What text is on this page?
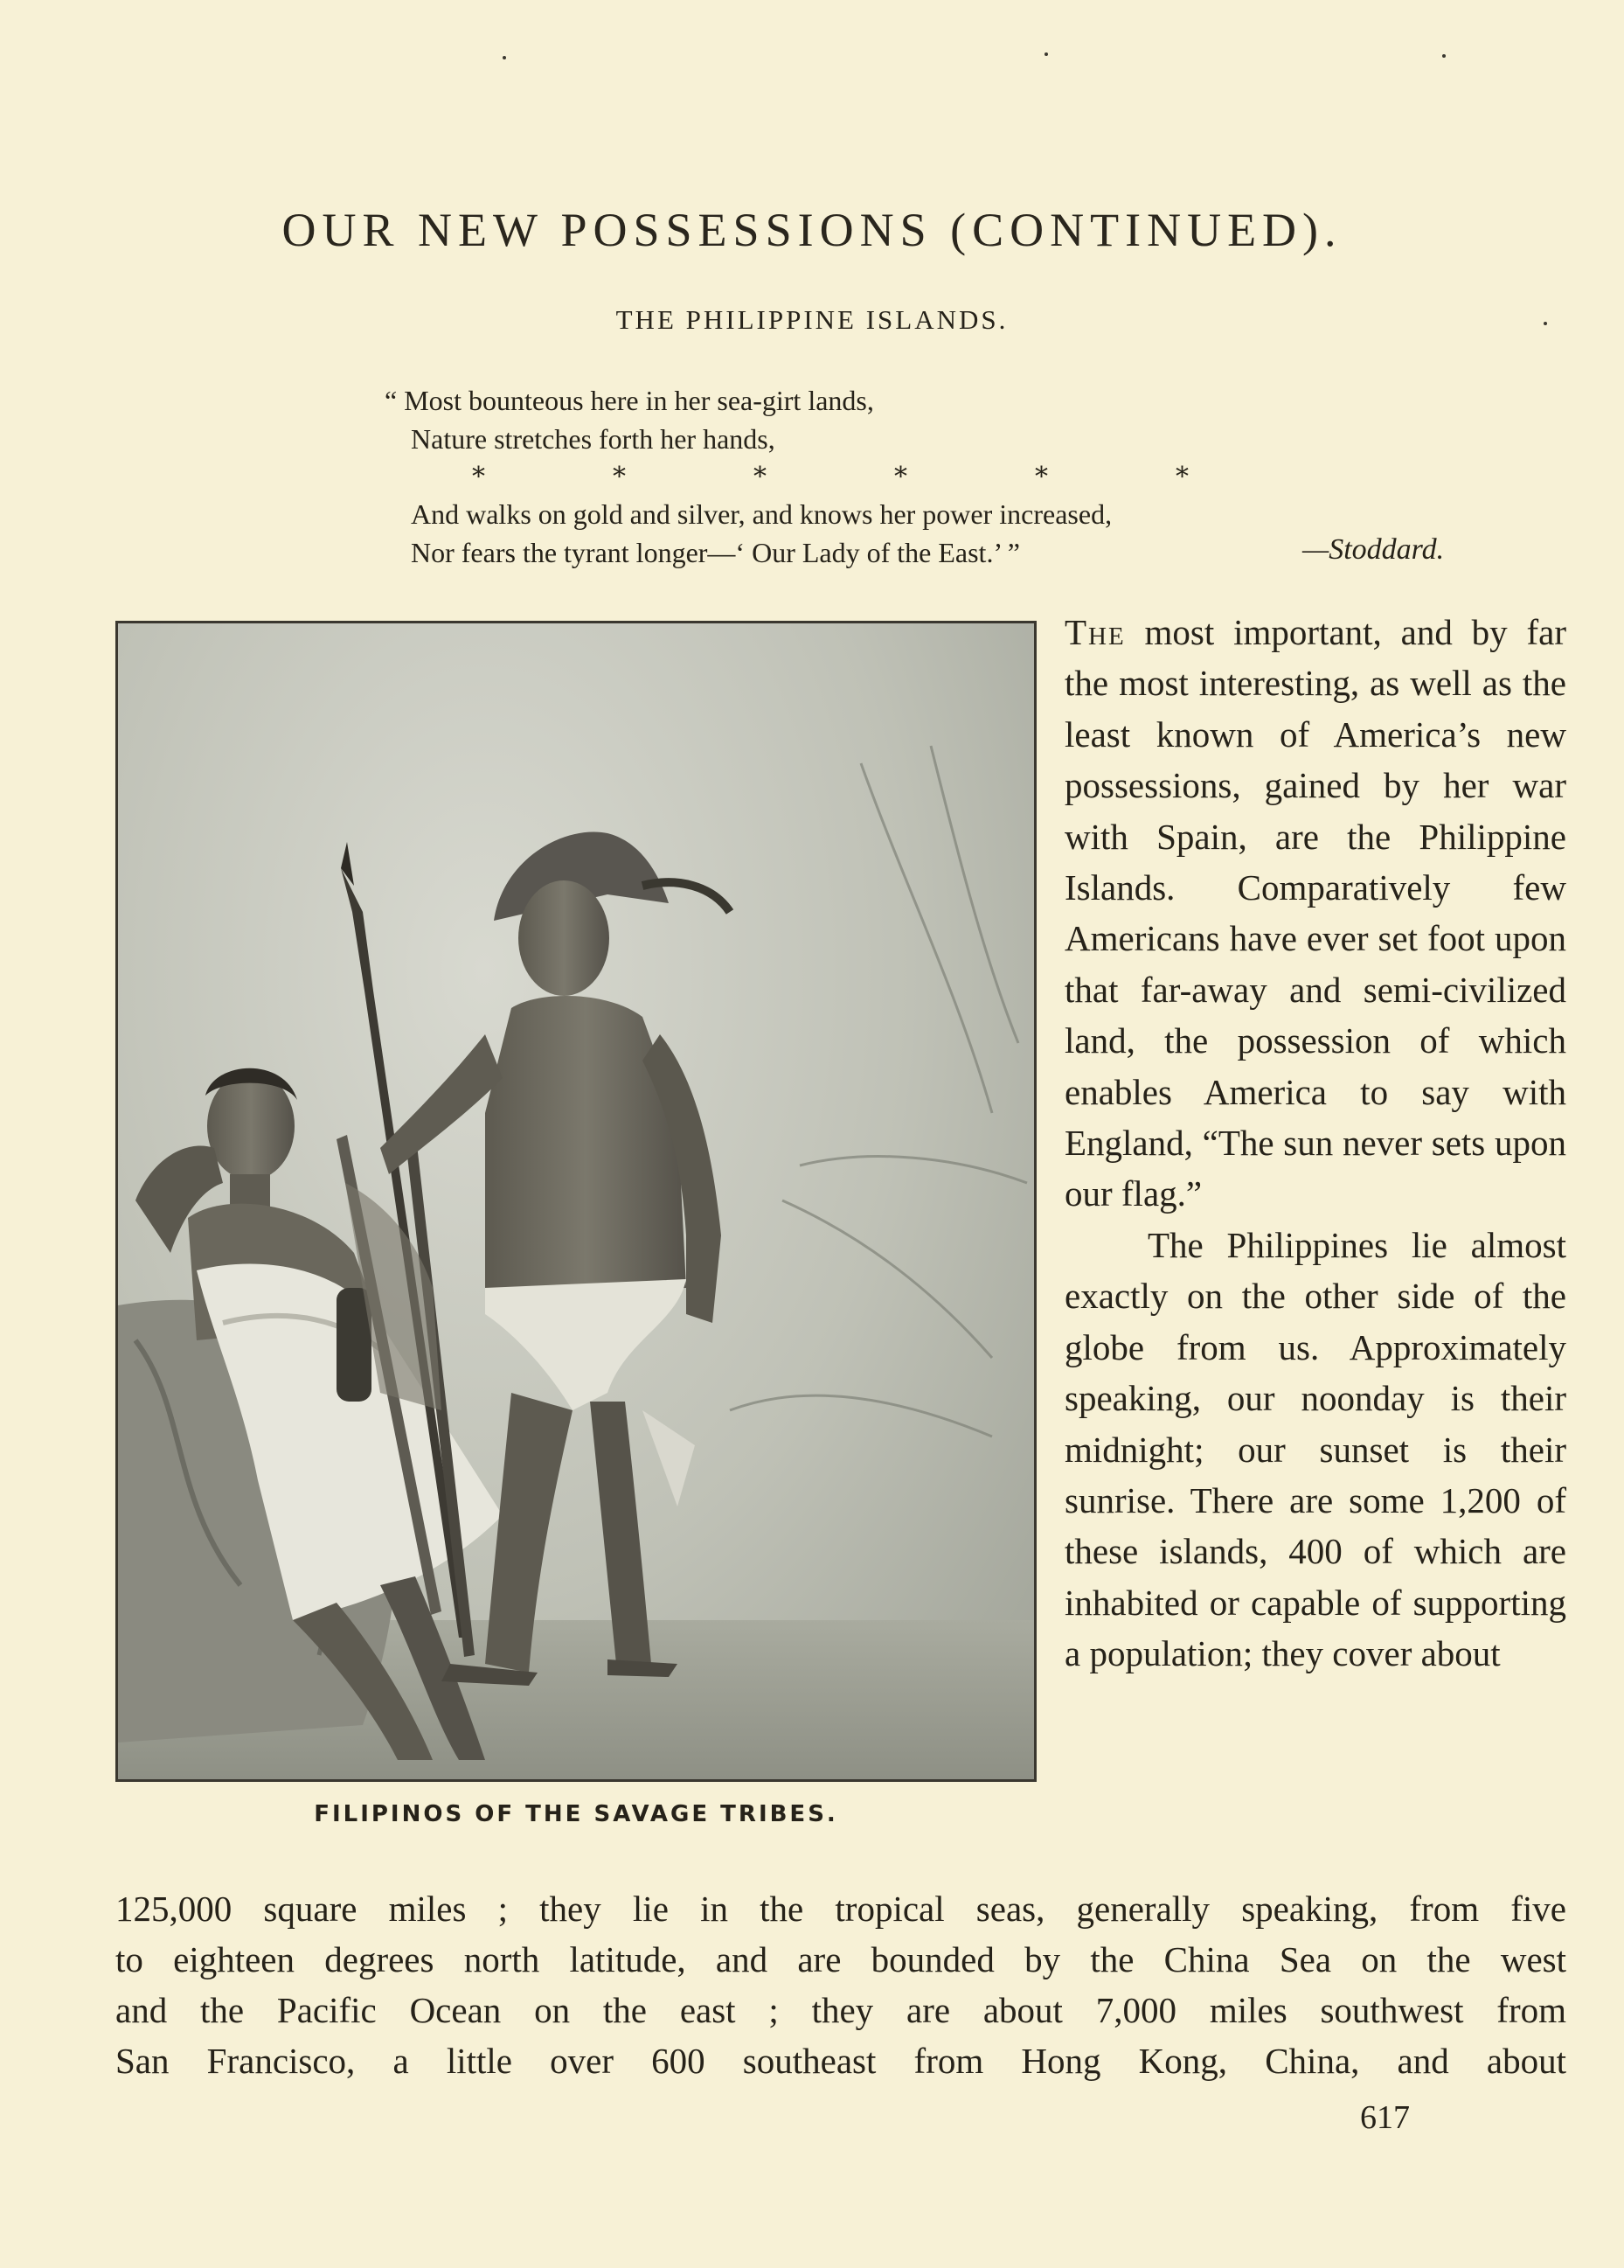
OUR NEW POSSESSIONS (CONTINUED).
THE PHILIPPINE ISLANDS.
“ Most bounteous here in her sea-girt lands,
Nature stretches forth her hands,
*	*	*	*	*	*
And walks on gold and silver, and knows her power increased,
Nor fears the tyrant longer—‘ Our Lady of the East.’ ”	—Stoddard.
FILIPINOS OF THE SAVAGE TRIBES.

The most important, and by far the most interesting, as well as the least known of America’s new possessions, gained by her war with Spain, are the Philippine Islands. Comparatively few Americans have ever set foot upon that far-away and semi-civilized land, the possession of which enables America to say with England, “The sun never sets upon our flag.”

The Philippines lie almost exactly on the other side of the globe from us. Approximately speaking, our noonday is their midnight; our sunset is their sunrise. There are some 1,200 of these islands, 400 of which are inhabited or capable of supporting a population; they cover about

125,000 square miles ; they lie in the tropical seas, generally speaking, from five
to eighteen degrees north latitude, and are bounded by the China Sea on the west
and the Pacific Ocean on the east ; they are about 7,000 miles southwest from
San Francisco, a little over 600 southeast from Hong Kong, China, and about
617
